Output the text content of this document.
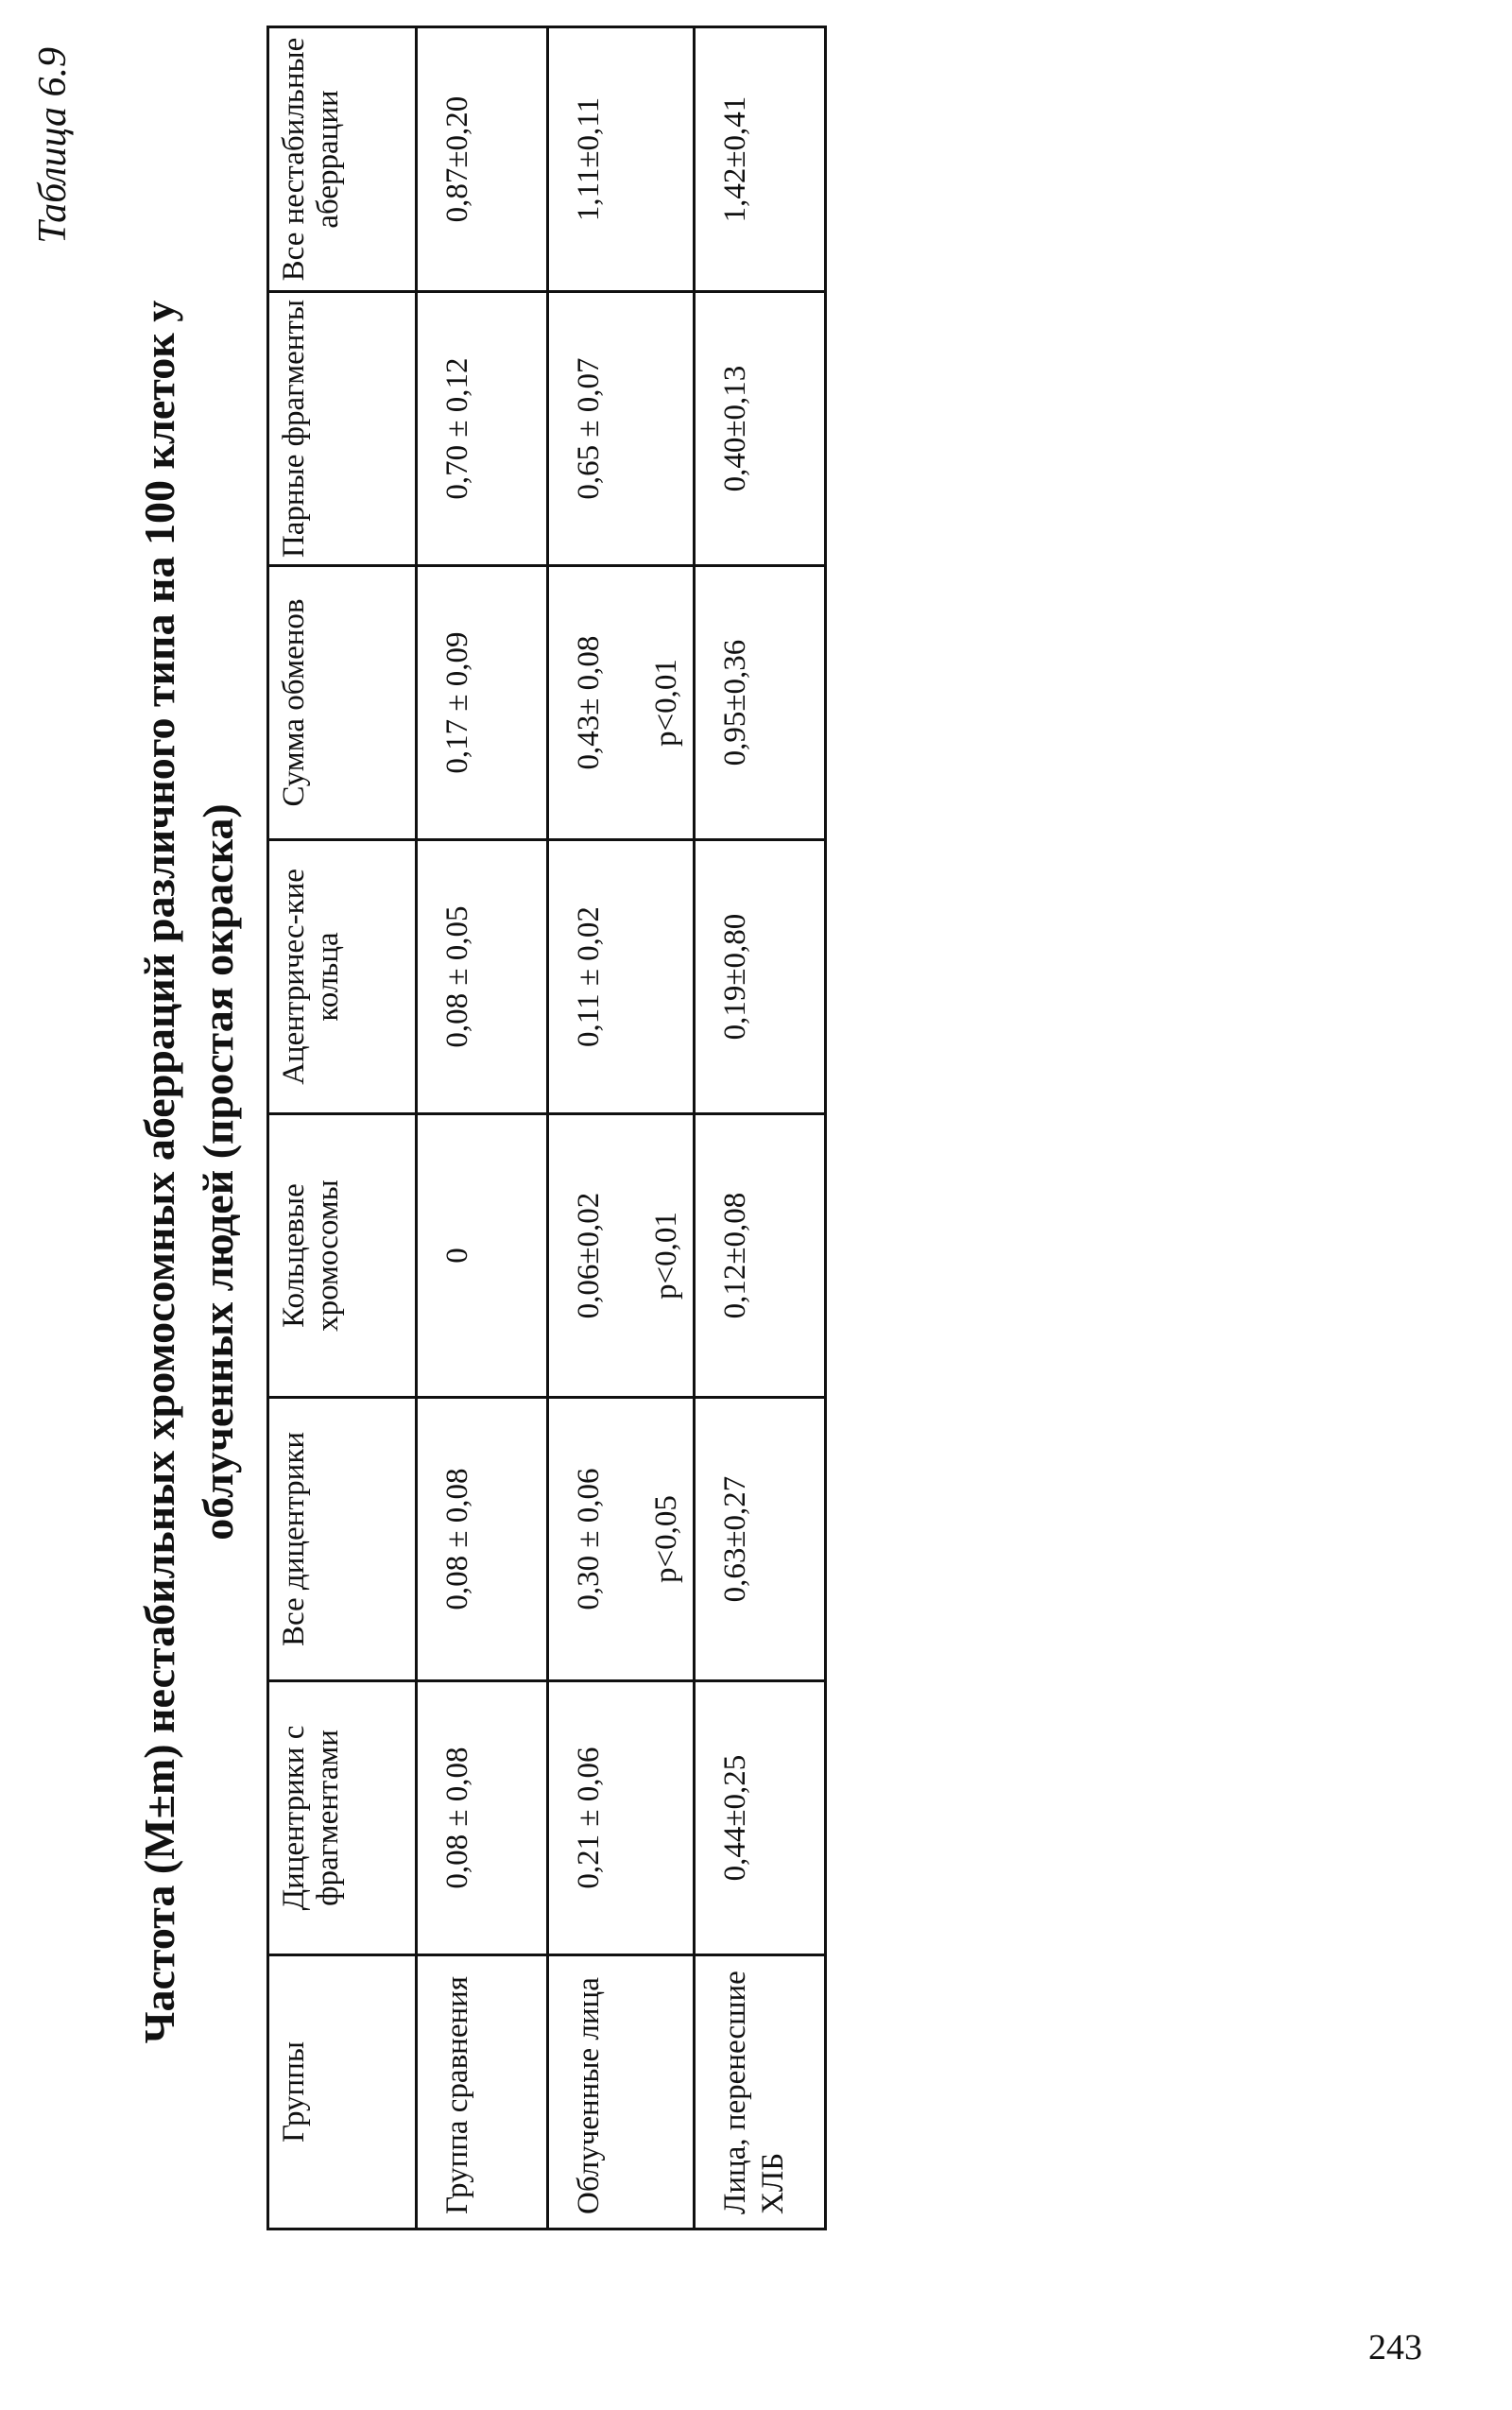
Таблица 6.9
Частота (M±m) нестабильных хромосомных аберраций различного типа на 100 клеток у облученных людей (простая окраска)
Группы	Дицентрики с фрагментами	Все дицентрики	Кольцевые хромосомы	Ацентричес-кие кольца	Сумма обменов	Парные фрагменты	Все нестабильные аберрации
Группа сравнения	0,08 ± 0,08	0,08 ± 0,08	0	0,08 ± 0,05	0,17 ± 0,09	0,70 ± 0,12	0,87±0,20

Облученные лица	0,21 ± 0,06	0,30 ± 0,06 p<0,05	0,06±0,02 p<0,01	0,11 ± 0,02	0,43± 0,08 p<0,01	0,65 ± 0,07	1,11±0,11

Лица, перенесшие ХЛБ	0,44±0,25	0,63±0,27	0,12±0,08	0,19±0,80	0,95±0,36	0,40±0,13	1,42±0,41
243
